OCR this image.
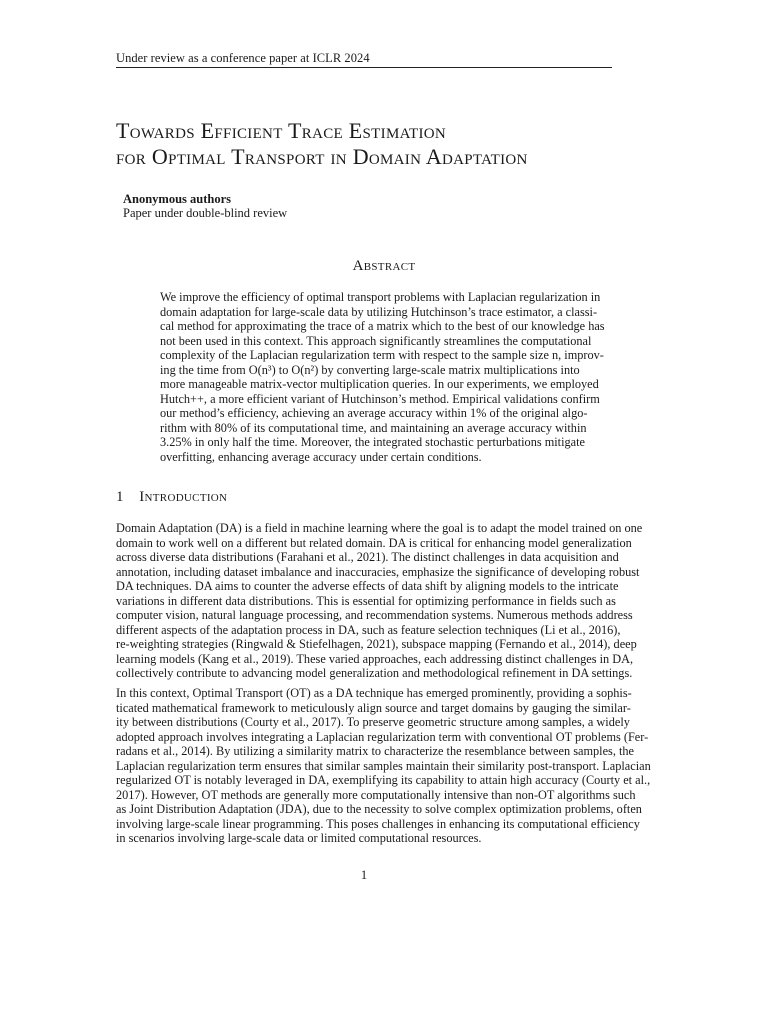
Under review as a conference paper at ICLR 2024

Towards Efficient Trace Estimation
for Optimal Transport in Domain Adaptation
Anonymous authors
Paper under double-blind review
Abstract

We improve the efficiency of optimal transport problems with Laplacian regularization in
domain adaptation for large-scale data by utilizing Hutchinson’s trace estimator, a classi-
cal method for approximating the trace of a matrix which to the best of our knowledge has
not been used in this context. This approach significantly streamlines the computational
complexity of the Laplacian regularization term with respect to the sample size n, improv-
ing the time from O(n³) to O(n²) by converting large-scale matrix multiplications into
more manageable matrix-vector multiplication queries. In our experiments, we employed
Hutch++, a more efficient variant of Hutchinson’s method. Empirical validations confirm
our method’s efficiency, achieving an average accuracy within 1% of the original algo-
rithm with 80% of its computational time, and maintaining an average accuracy within
3.25% in only half the time. Moreover, the integrated stochastic perturbations mitigate
overfitting, enhancing average accuracy under certain conditions.

1 Introduction

Domain Adaptation (DA) is a field in machine learning where the goal is to adapt the model trained on one
domain to work well on a different but related domain. DA is critical for enhancing model generalization
across diverse data distributions (Farahani et al., 2021). The distinct challenges in data acquisition and
annotation, including dataset imbalance and inaccuracies, emphasize the significance of developing robust
DA techniques. DA aims to counter the adverse effects of data shift by aligning models to the intricate
variations in different data distributions. This is essential for optimizing performance in fields such as
computer vision, natural language processing, and recommendation systems. Numerous methods address
different aspects of the adaptation process in DA, such as feature selection techniques (Li et al., 2016),
re-weighting strategies (Ringwald & Stiefelhagen, 2021), subspace mapping (Fernando et al., 2014), deep
learning models (Kang et al., 2019). These varied approaches, each addressing distinct challenges in DA,
collectively contribute to advancing model generalization and methodological refinement in DA settings.

In this context, Optimal Transport (OT) as a DA technique has emerged prominently, providing a sophis-
ticated mathematical framework to meticulously align source and target domains by gauging the similar-
ity between distributions (Courty et al., 2017). To preserve geometric structure among samples, a widely
adopted approach involves integrating a Laplacian regularization term with conventional OT problems (Fer-
radans et al., 2014). By utilizing a similarity matrix to characterize the resemblance between samples, the
Laplacian regularization term ensures that similar samples maintain their similarity post-transport. Laplacian
regularized OT is notably leveraged in DA, exemplifying its capability to attain high accuracy (Courty et al.,
2017). However, OT methods are generally more computationally intensive than non-OT algorithms such
as Joint Distribution Adaptation (JDA), due to the necessity to solve complex optimization problems, often
involving large-scale linear programming. This poses challenges in enhancing its computational efficiency
in scenarios involving large-scale data or limited computational resources.

1
